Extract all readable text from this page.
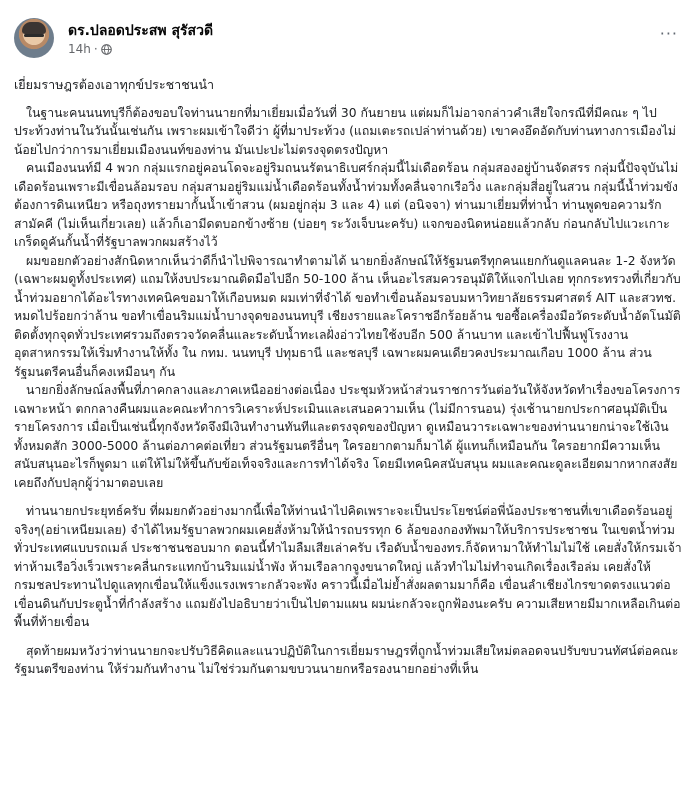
ดร.ปลอดประสพ สุรัสวดี
14h ·
···

เยี่ยมราษฎรต้องเอาทุกข์ประชาชนนำ

ในฐานะคนนนทบุรีก็ต้องขอบใจท่านนายกที่มาเยี่ยมเมื่อวันที่ 30 กันยายน แต่ผมก็ไม่อาจกล่าวคำเสียใจกรณีที่มีคณะ ๆ ไปประท้วงท่านในวันนั้นเช่นกัน เพราะผมเข้าใจดีว่า ผู้ที่มาประท้วง (แถมเตะรถเปล่าท่านด้วย) เขาคงอึดอัดกับท่านทางการเมืองไม่น้อยไปกว่าการมาเยี่ยมเมืองนนท์ของท่าน มันเปะปะไม่ตรงจุดตรงปัญหา

คนเมืองนนท์มี 4 พวก กลุ่มแรกอยู่คอนโดจะอยู่ริมถนนรัตนาธิเบศร์กลุ่มนี้ไม่เดือดร้อน กลุ่มสองอยู่บ้านจัดสรร กลุ่มนี้ปัจจุบันไม่เดือดร้อนเพราะมีเขื่อนล้อมรอบ กลุ่มสามอยู่ริมแม่น้ำเดือดร้อนทั้งน้ำท่วมทั้งคลื่นจากเรือวิ่ง และกลุ่มสี่อยู่ในสวน กลุ่มนี้น้ำท่วมขังต้องการดินเหนียว หรือถุงทรายมากั้นน้ำเข้าสวน (ผมอยู่กลุ่ม 3 และ 4) แต่ (อนิจจา) ท่านมาเยี่ยมที่ท่าน้ำ ท่านพูดขอความรัก สามัคคี (ไม่เห็นเกี่ยวเลย) แล้วก็เอามีดตบอกข้างซ้าย (บ่อยๆ ระวังเจ็บนะครับ) แจกของนิดหน่อยแล้วกลับ ก่อนกลับไปแวะเกาะเกร็ดดูคันกั้นน้ำที่รัฐบาลพวกผมสร้างไว้

ผมขอยกตัวอย่างสักนิดหากเห็นว่าดีก็นำไปพิจารณาทำตามได้ นายกยิ่งลักษณ์ให้รัฐมนตรีทุกคนแยกกันดูแลคนละ 1-2 จังหวัด (เฉพาะผมดูทั้งประเทศ) แถมให้งบประมาณติดมือไปอีก 50-100 ล้าน เห็นอะไรสมควรอนุมัติให้แจกไปเลย ทุกกระทรวงที่เกี่ยวกับน้ำท่วมอยากได้อะไรทางเทคนิคขอมาให้เกือบหมด ผมเท่าที่จำได้ ขอทำเขื่อนล้อมรอบมหาวิทยาลัยธรรมศาสตร์ AIT และสวทช. หมดไปร้อยกว่าล้าน ขอทำเขื่อนริมแม่น้ำบางจุดของนนทบุรี เชียงรายและโคราชอีกร้อยล้าน ขอซื้อเครื่องมือวัดระดับน้ำอัตโนมัติติดตั้งทุกจุดทั่วประเทศรวมถึงตรวจวัดคลื่นและระดับน้ำทะเลฝั่งอ่าวไทยใช้งบอีก 500 ล้านบาท และเข้าไปฟื้นฟูโรงงานอุตสาหกรรมให้เริ่มทำงานให้ทั้ง ใน กทม. นนทบุรี ปทุมธานี และชลบุรี เฉพาะผมคนเดียวคงประมาณเกือบ 1000 ล้าน ส่วนรัฐมนตรีคนอื่นก็คงเหมือนๆ กัน

นายกยิ่งลักษณ์ลงพื้นที่ภาคกลางและภาคเหนืออย่างต่อเนื่อง ประชุมหัวหน้าส่วนราชการวันต่อวันให้จังหวัดทำเรื่องขอโครงการเฉพาะหน้า ตกกลางคืนผมและคณะทำการวิเคราะห์ประเมินและเสนอความเห็น (ไม่มีการนอน) รุ่งเช้านายกประกาศอนุมัติเป็นรายโครงการ เมื่อเป็นเช่นนี้ทุกจังหวัดจึงมีเงินทำงานทันทีและตรงจุดของปัญหา ดูเหมือนวาระเฉพาะของท่านนายกน่าจะใช้เงินทั้งหมดสัก 3000-5000 ล้านต่อภาคต่อเที่ยว ส่วนรัฐมนตรีอื่นๆ ใครอยากตามก็มาได้ ผู้แทนก็เหมือนกัน ใครอยากมีความเห็นสนับสนุนอะไรก็พูดมา แต่ให้ไม่ให้ขึ้นกับข้อเท็จจริงและการทำได้จริง โดยมีเทคนิคสนับสนุน ผมและคณะดูละเอียดมากหากสงสัยเคยถึงกับปลุกผู้ว่ามาตอบเลย

ท่านนายกประยุทธ์ครับ ที่ผมยกตัวอย่างมากนี้เพื่อให้ท่านนำไปคิดเพราะจะเป็นประโยชน์ต่อพี่น้องประชาชนที่เขาเดือดร้อนอยู่จริงๆ(อย่าเหนียมเลย) จำได้ไหมรัฐบาลพวกผมเคยสั่งห้ามให้นำรถบรรทุก 6 ล้อของกองทัพมาให้บริการประชาชน ในเขตน้ำท่วมทั่วประเทศแบบรถเมล์ ประชาชนชอบมาก ตอนนี้ทำไมลืมเสียเล่าครับ เรือดับน้ำของทร.ก็จัดหามาให้ทำไมไม่ใช้ เคยสั่งให้กรมเจ้าท่าห้ามเรือวิ่งเร็วเพราะคลื่นกระแทกบ้านริมแม่น้ำพัง ห้ามเรือลากจูงขนาดใหญ่ แล้วทำไมไม่ทำจนเกิดเรื่องเรือล่ม เคยสั่งให้กรมชลประทานไปดูแลทุกเขื่อนให้แข็งแรงเพราะกลัวจะพัง คราวนี้เมื่อไม่ย้ำสั่งผลตามมาก็คือ เขื่อนลำเชียงไกรขาดตรงแนวต่อเขื่อนดินกับประตูน้ำที่กำลังสร้าง แถมยังไปอธิบายว่าเป็นไปตามแผน ผมน่ะกลัวจะถูกฟ้องนะครับ ความเสียหายมีมากเหลือเกินต่อพื้นที่ท้ายเขื่อน

สุดท้ายผมหวังว่าท่านนายกจะปรับวิธีคิดและแนวปฏิบัติในการเยี่ยมราษฎรที่ถูกน้ำท่วมเสียใหม่ตลอดจนปรับขบวนทัศน์ต่อคณะรัฐมนตรีของท่าน ให้ร่วมกันทำงาน ไม่ใช่ร่วมกันตามขบวนนายกหรือรองนายกอย่างที่เห็น
